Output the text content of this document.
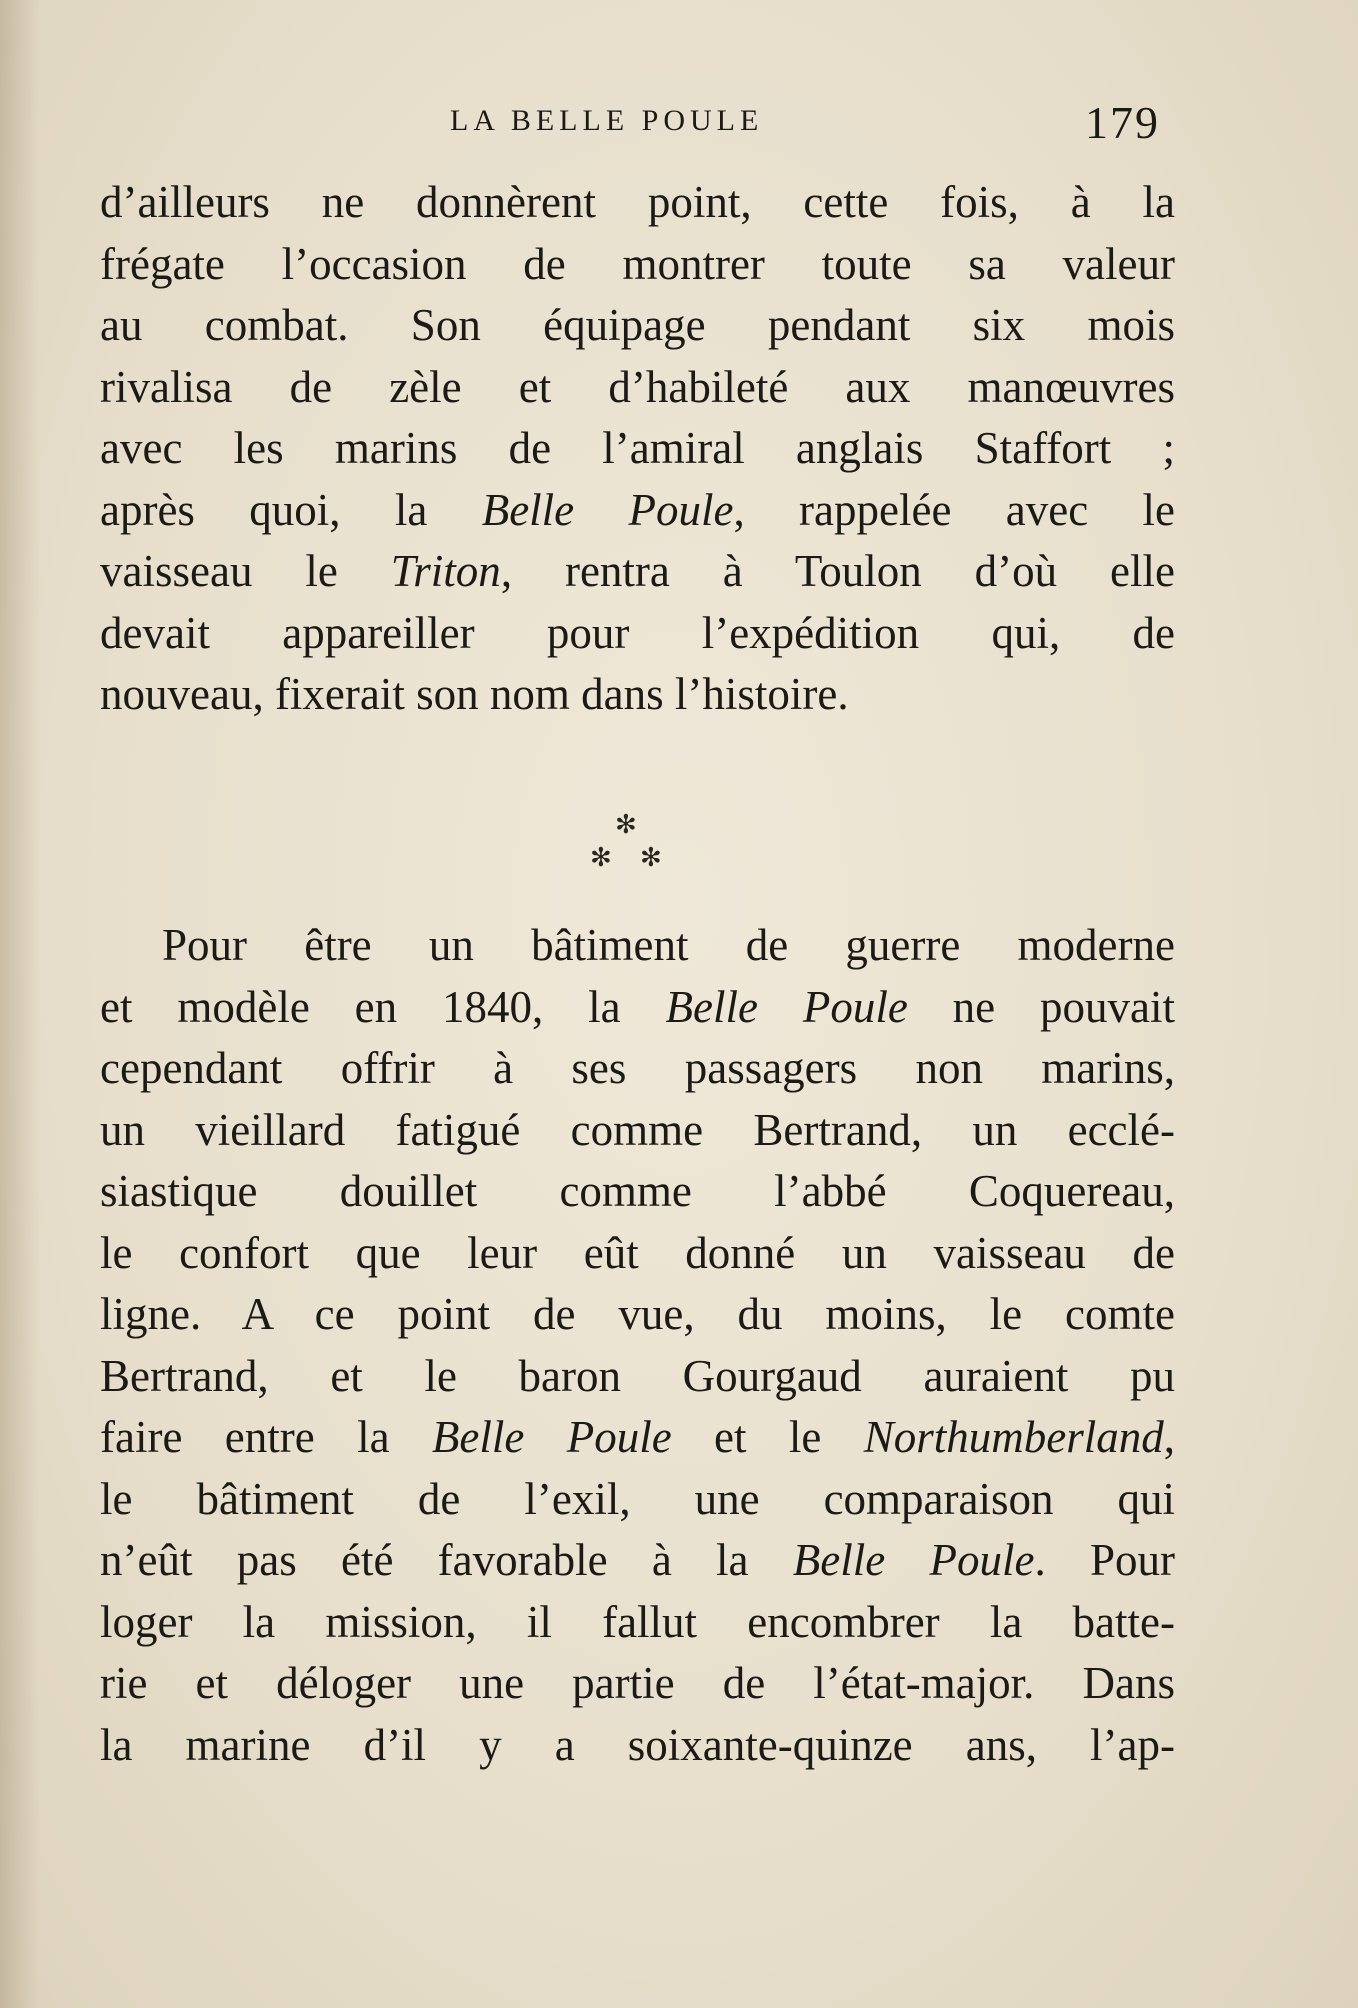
LA BELLE POULE	179
d’ailleurs ne donnèrent point, cette fois, à la
frégate l’occasion de montrer toute sa valeur
au combat. Son équipage pendant six mois
rivalisa de zèle et d’habileté aux manœuvres
avec les marins de l’amiral anglais Staffort ;
après quoi, la Belle Poule, rappelée avec le
vaisseau le Triton, rentra à Toulon d’où elle
devait appareiller pour l’expédition qui, de
nouveau, fixerait son nom dans l’histoire.
✻
✻ ✻
Pour être un bâtiment de guerre moderne
et modèle en 1840, la Belle Poule ne pouvait
cependant offrir à ses passagers non marins,
un vieillard fatigué comme Bertrand, un ecclé-
siastique douillet comme l’abbé Coquereau,
le confort que leur eût donné un vaisseau de
ligne. A ce point de vue, du moins, le comte
Bertrand, et le baron Gourgaud auraient pu
faire entre la Belle Poule et le Northumberland,
le bâtiment de l’exil, une comparaison qui
n’eût pas été favorable à la Belle Poule. Pour
loger la mission, il fallut encombrer la batte-
rie et déloger une partie de l’état-major. Dans
la marine d’il y a soixante-quinze ans, l’ap-
